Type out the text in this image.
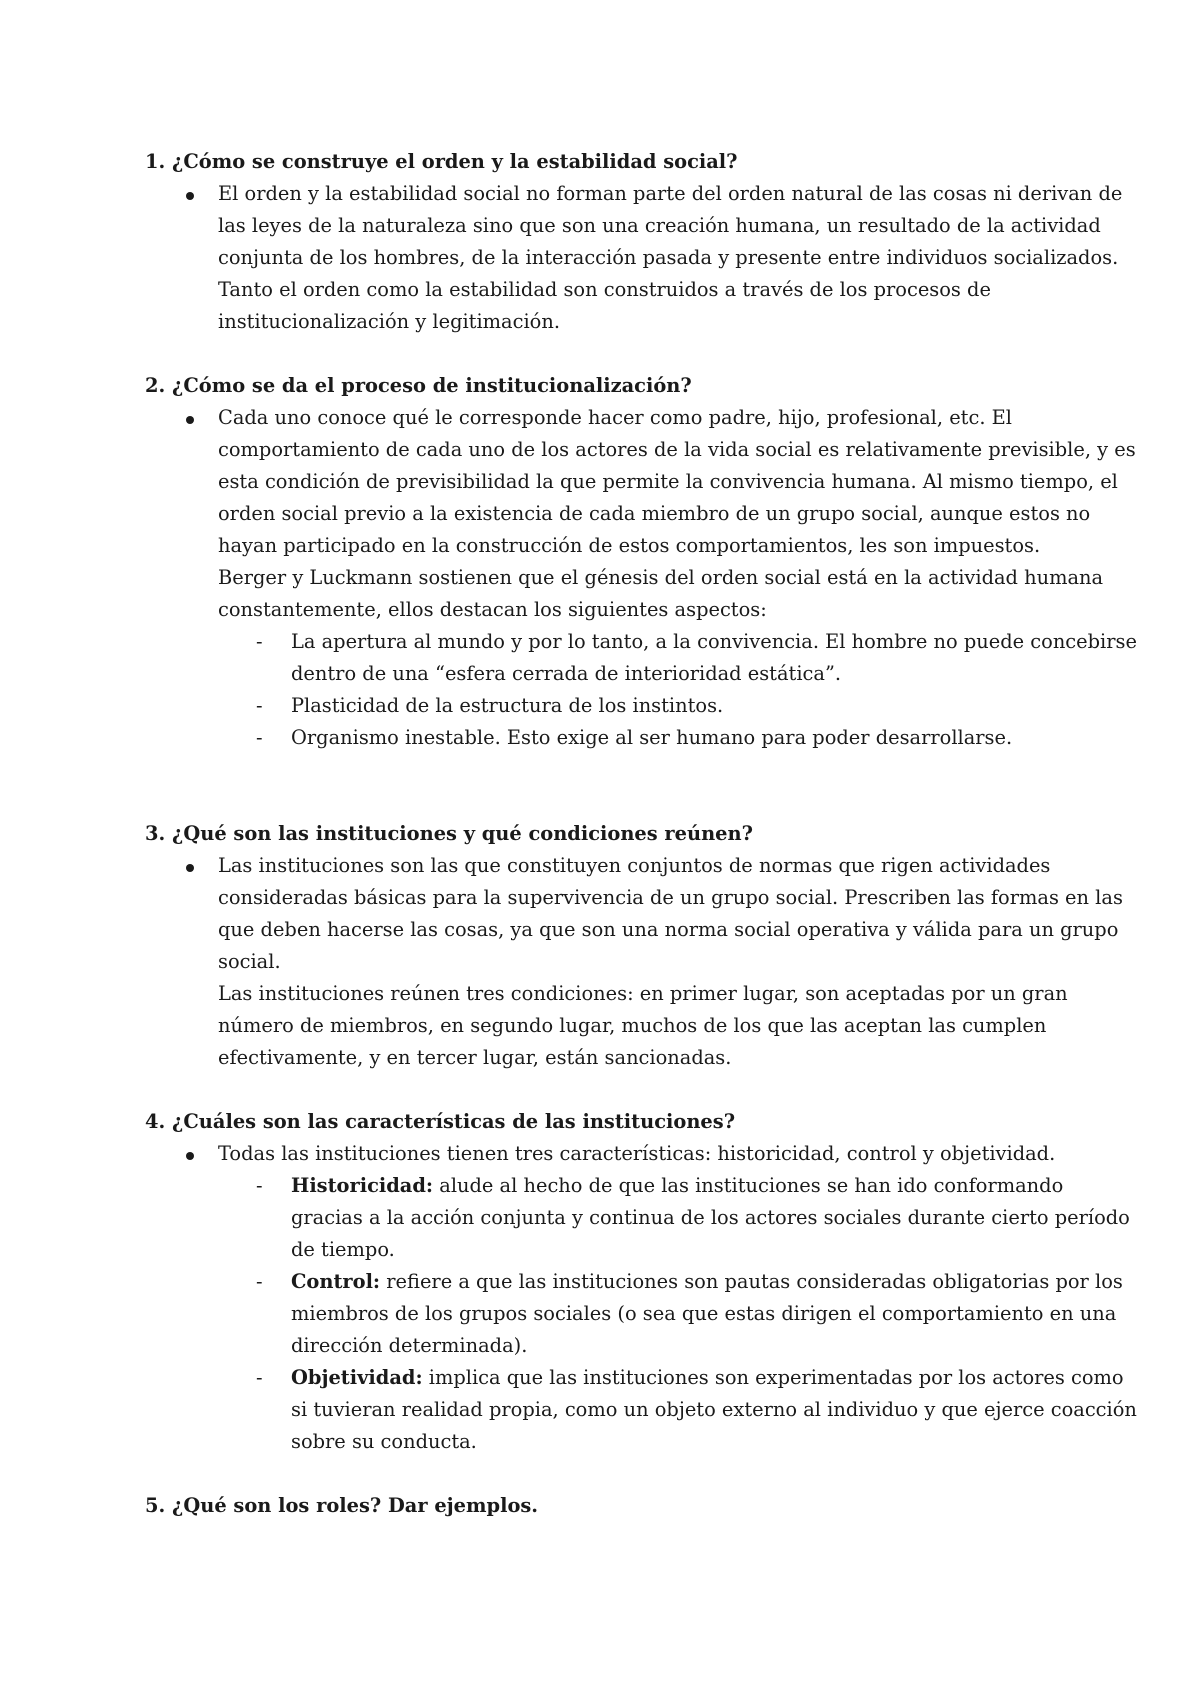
1. ¿Cómo se construye el orden y la estabilidad social?

El orden y la estabilidad social no forman parte del orden natural de las cosas ni derivan de las leyes de la naturaleza sino que son una creación humana, un resultado de la actividad conjunta de los hombres, de la interacción pasada y presente entre individuos socializados. Tanto el orden como la estabilidad son construidos a través de los procesos de institucionalización y legitimación.

2. ¿Cómo se da el proceso de institucionalización?

Cada uno conoce qué le corresponde hacer como padre, hijo, profesional, etc. El comportamiento de cada uno de los actores de la vida social es relativamente previsible, y es esta condición de previsibilidad la que permite la convivencia humana. Al mismo tiempo, el orden social previo a la existencia de cada miembro de un grupo social, aunque estos no hayan participado en la construcción de estos comportamientos, les son impuestos.

Berger y Luckmann sostienen que el génesis del orden social está en la actividad humana constantemente, ellos destacan los siguientes aspectos:

- La apertura al mundo y por lo tanto, a la convivencia. El hombre no puede concebirse dentro de una “esfera cerrada de interioridad estática”.
- Plasticidad de la estructura de los instintos.
- Organismo inestable. Esto exige al ser humano para poder desarrollarse.

3. ¿Qué son las instituciones y qué condiciones reúnen?

Las instituciones son las que constituyen conjuntos de normas que rigen actividades consideradas básicas para la supervivencia de un grupo social. Prescriben las formas en las que deben hacerse las cosas, ya que son una norma social operativa y válida para un grupo social.

Las instituciones reúnen tres condiciones: en primer lugar, son aceptadas por un gran número de miembros, en segundo lugar, muchos de los que las aceptan las cumplen efectivamente, y en tercer lugar, están sancionadas.

4. ¿Cuáles son las características de las instituciones?

Todas las instituciones tienen tres características: historicidad, control y objetividad.

- Historicidad: alude al hecho de que las instituciones se han ido conformando gracias a la acción conjunta y continua de los actores sociales durante cierto período de tiempo.
- Control: refiere a que las instituciones son pautas consideradas obligatorias por los miembros de los grupos sociales (o sea que estas dirigen el comportamiento en una dirección determinada).
- Objetividad: implica que las instituciones son experimentadas por los actores como si tuvieran realidad propia, como un objeto externo al individuo y que ejerce coacción sobre su conducta.

5. ¿Qué son los roles? Dar ejemplos.
